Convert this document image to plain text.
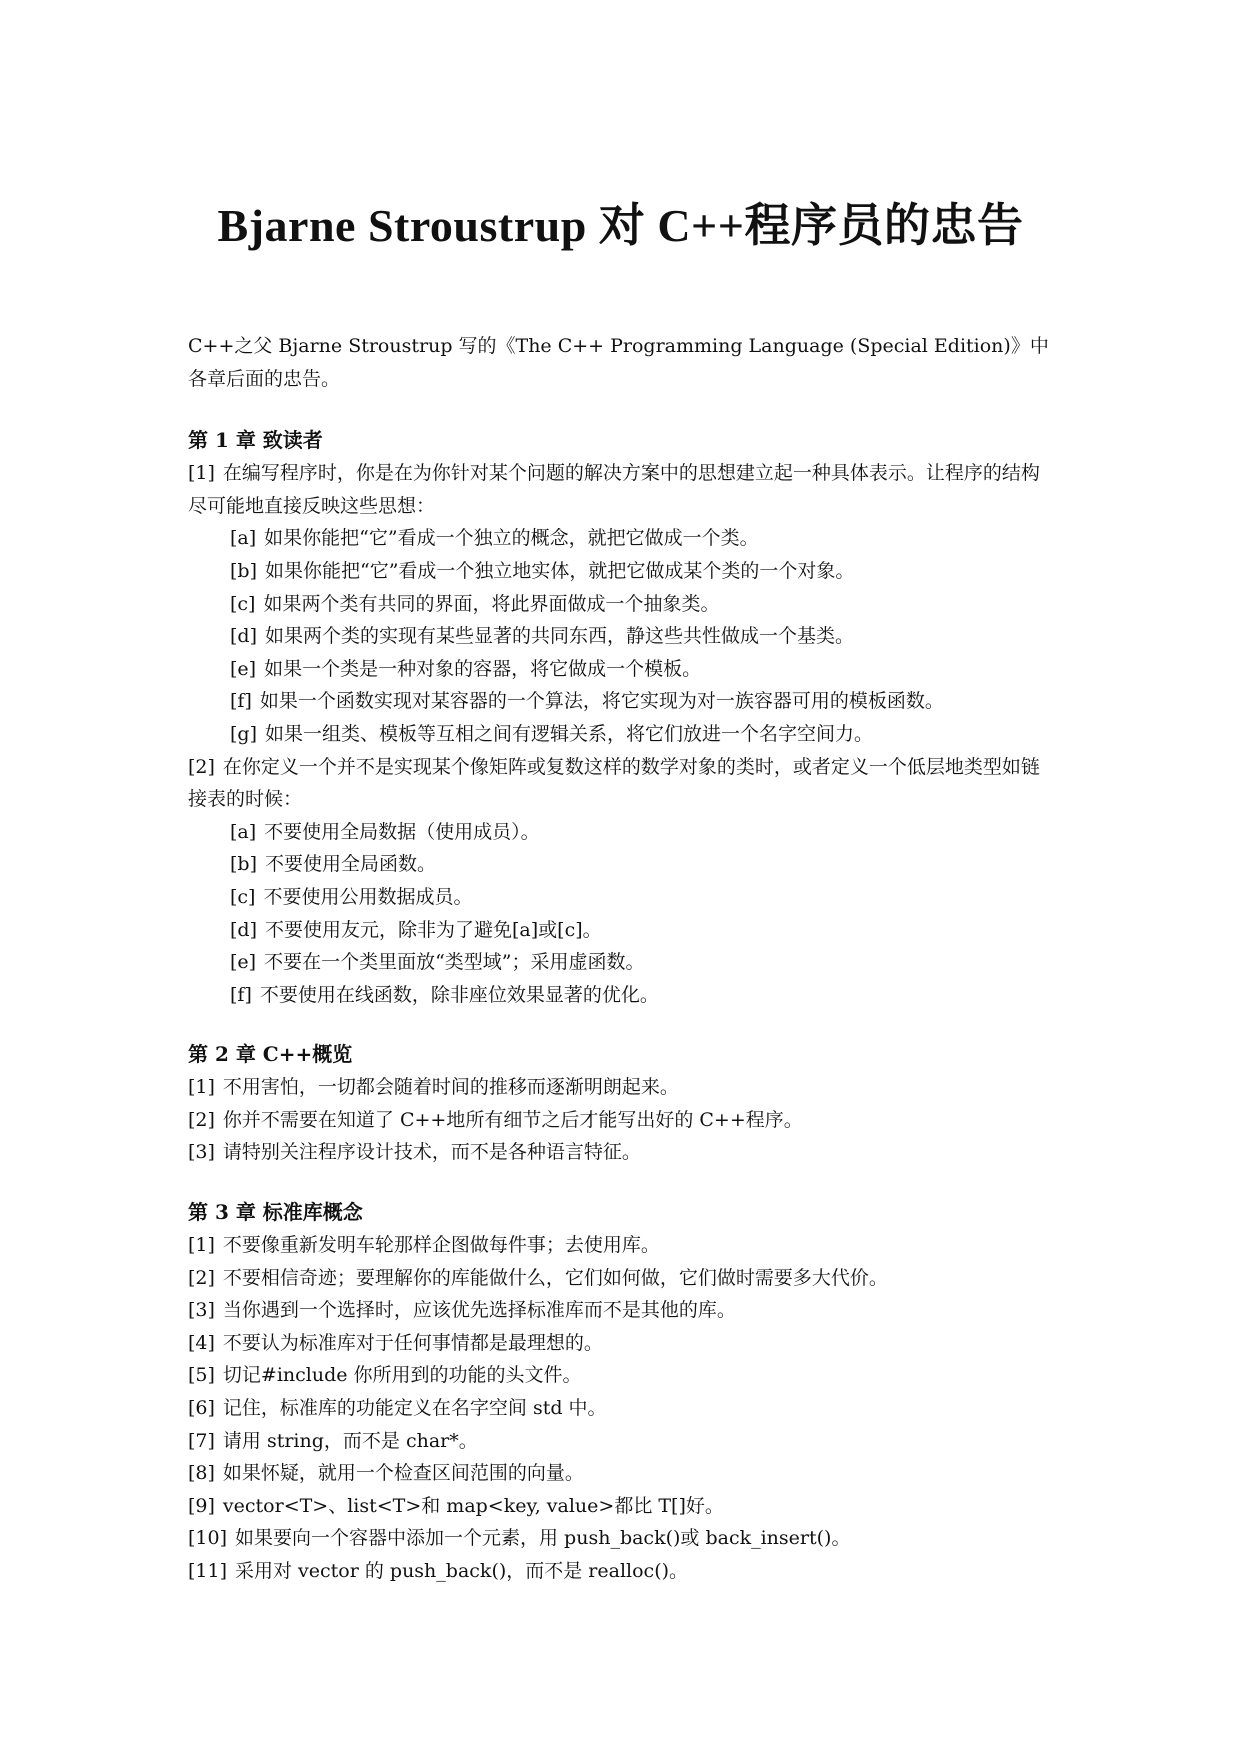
Bjarne Stroustrup 对 C++程序员的忠告

C++之父 Bjarne Stroustrup 写的《The C++ Programming Language (Special Edition)》中各章后面的忠告。

第 1 章 致读者

[1] 在编写程序时，你是在为你针对某个问题的解决方案中的思想建立起一种具体表示。让程序的结构尽可能地直接反映这些思想：

[a] 如果你能把“它”看成一个独立的概念，就把它做成一个类。

[b] 如果你能把“它”看成一个独立地实体，就把它做成某个类的一个对象。

[c] 如果两个类有共同的界面，将此界面做成一个抽象类。

[d] 如果两个类的实现有某些显著的共同东西，静这些共性做成一个基类。

[e] 如果一个类是一种对象的容器，将它做成一个模板。

[f] 如果一个函数实现对某容器的一个算法，将它实现为对一族容器可用的模板函数。

[g] 如果一组类、模板等互相之间有逻辑关系，将它们放进一个名字空间力。

[2] 在你定义一个并不是实现某个像矩阵或复数这样的数学对象的类时，或者定义一个低层地类型如链接表的时候：

[a] 不要使用全局数据（使用成员）。

[b] 不要使用全局函数。

[c] 不要使用公用数据成员。

[d] 不要使用友元，除非为了避免[a]或[c]。

[e] 不要在一个类里面放“类型域”；采用虚函数。

[f] 不要使用在线函数，除非座位效果显著的优化。

第 2 章 C++概览

[1] 不用害怕，一切都会随着时间的推移而逐渐明朗起来。

[2] 你并不需要在知道了 C++地所有细节之后才能写出好的 C++程序。

[3] 请特别关注程序设计技术，而不是各种语言特征。

第 3 章 标准库概念

[1] 不要像重新发明车轮那样企图做每件事；去使用库。

[2] 不要相信奇迹；要理解你的库能做什么，它们如何做，它们做时需要多大代价。

[3] 当你遇到一个选择时，应该优先选择标准库而不是其他的库。

[4] 不要认为标准库对于任何事情都是最理想的。

[5] 切记#include 你所用到的功能的头文件。

[6] 记住，标准库的功能定义在名字空间 std 中。

[7] 请用 string，而不是 char*。

[8] 如果怀疑，就用一个检查区间范围的向量。

[9] vector<T>、list<T>和 map<key, value>都比 T[]好。

[10] 如果要向一个容器中添加一个元素，用 push_back()或 back_insert()。

[11] 采用对 vector 的 push_back()，而不是 realloc()。
